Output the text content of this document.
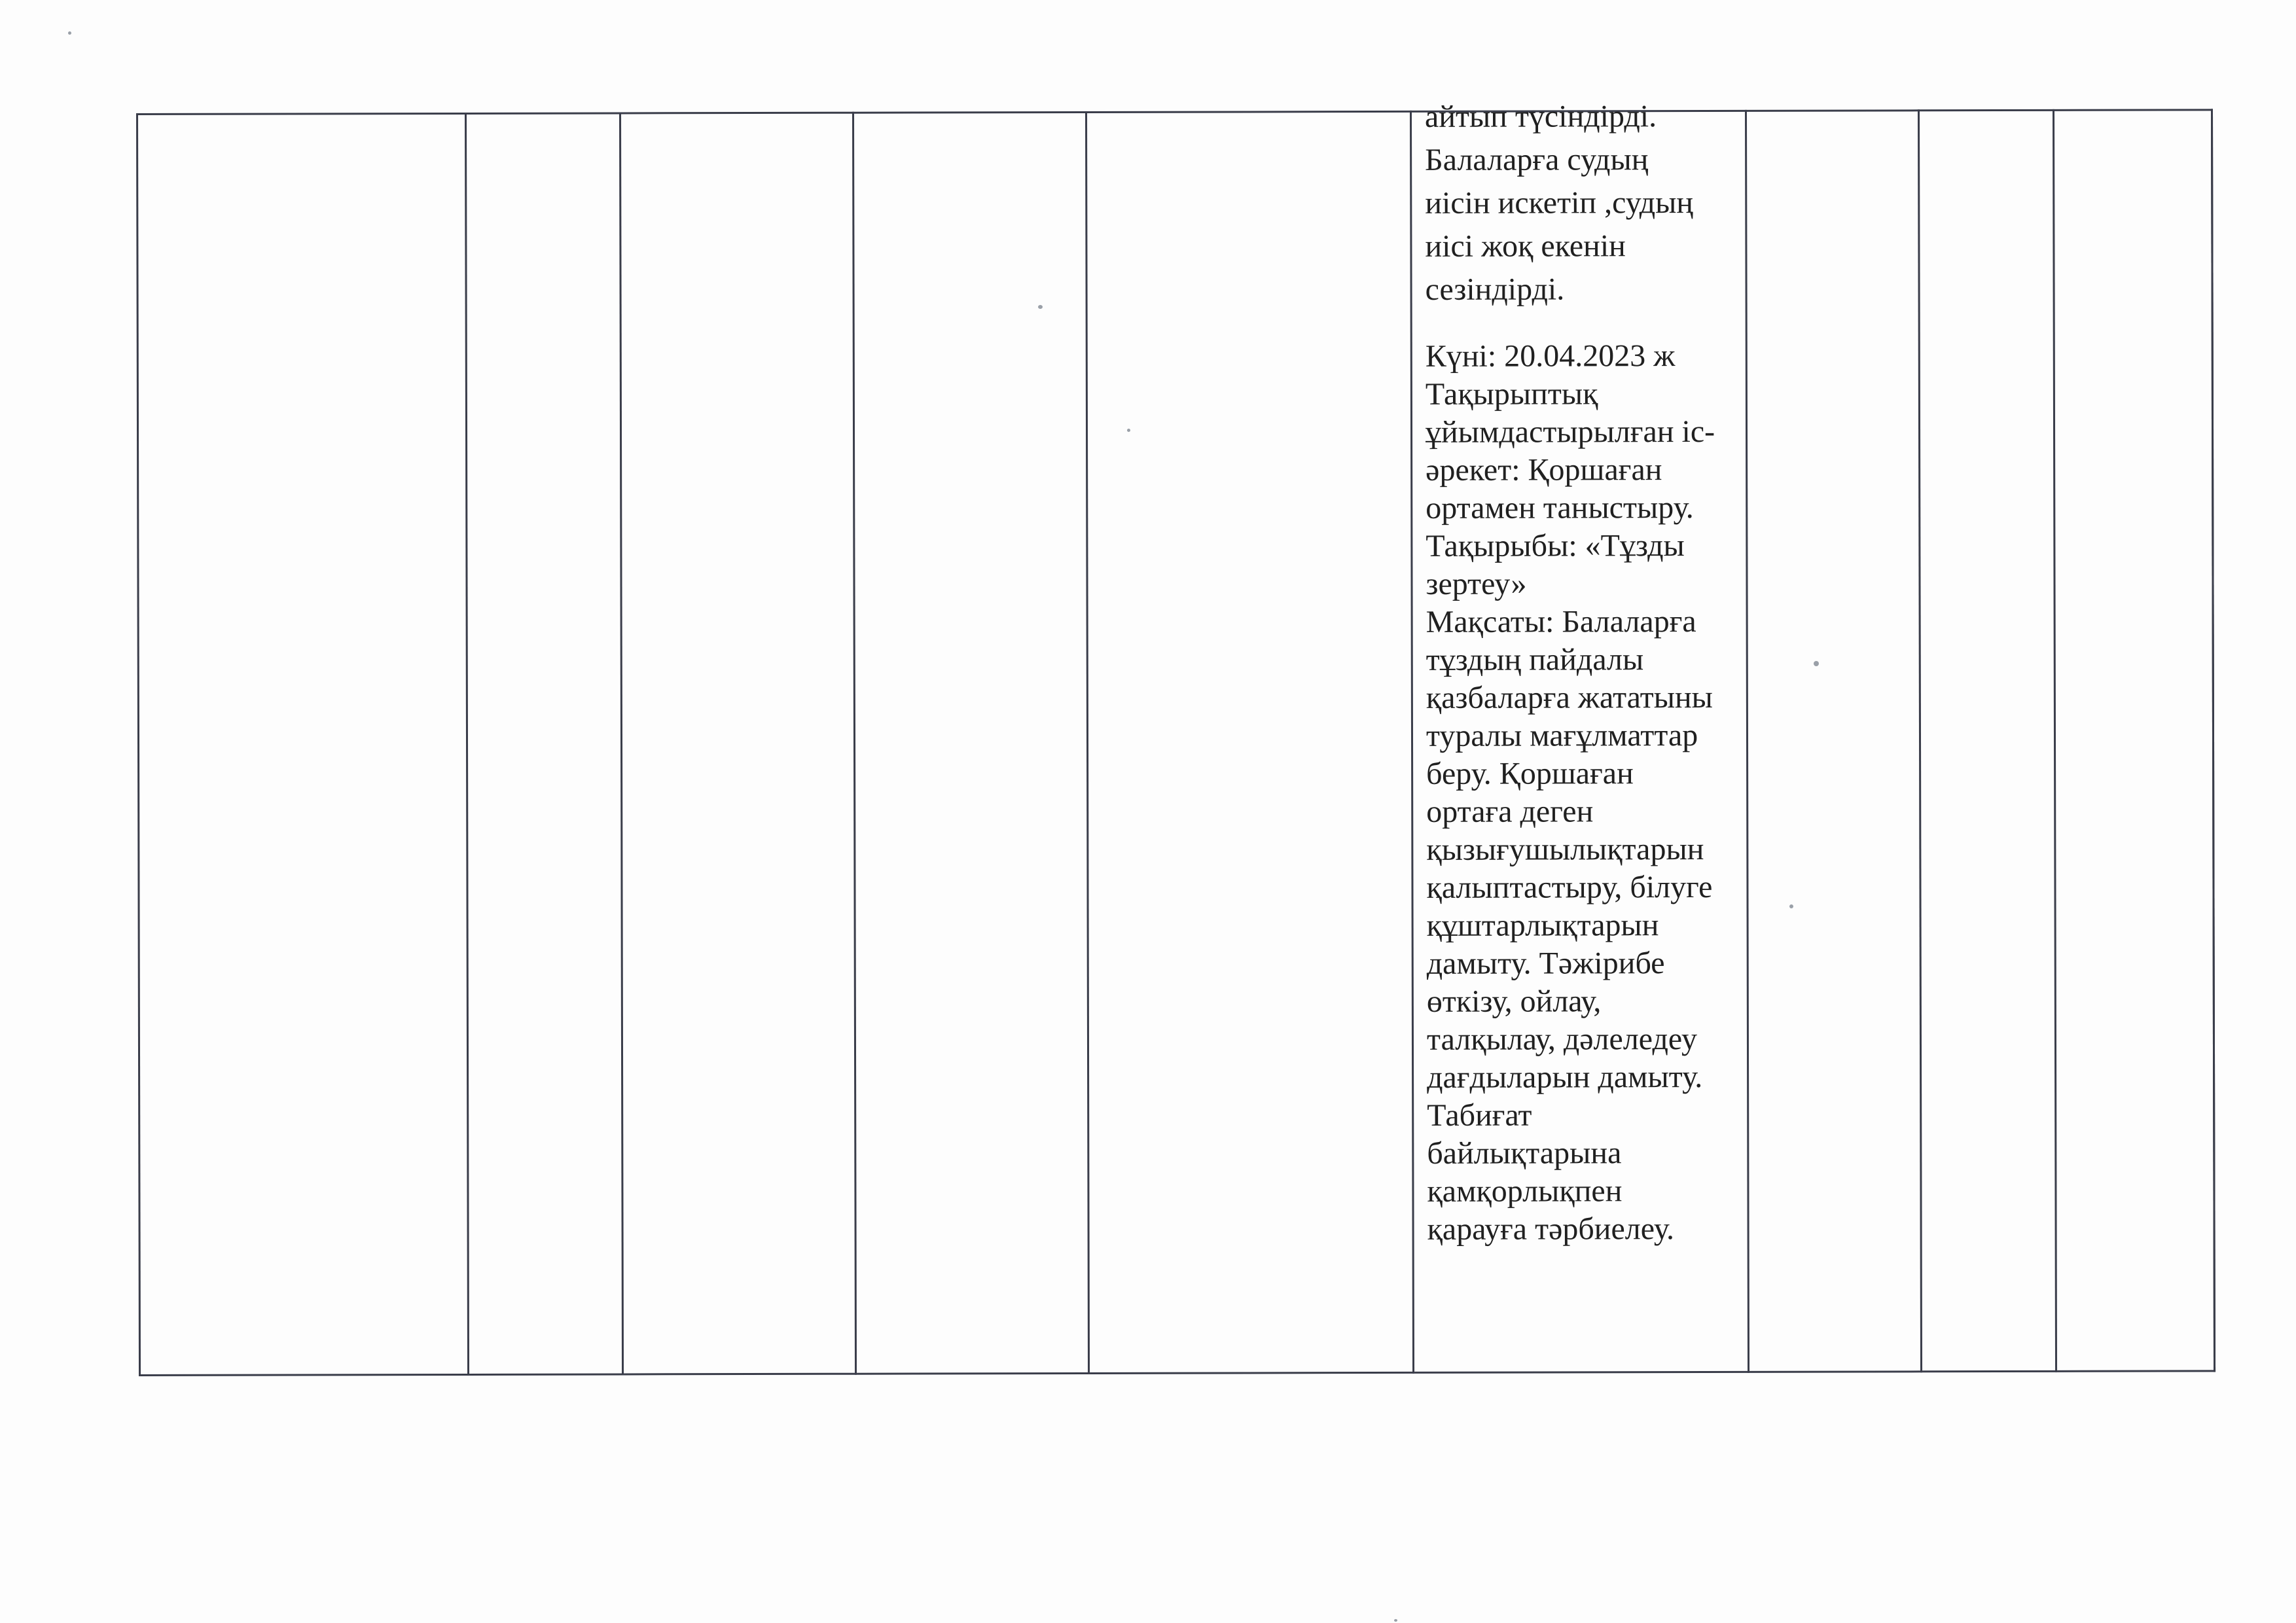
айтып түсіндірді.
Балаларға судың
иісін искетіп ,судың
иісі жоқ екенін
сезіндірді.
Күні: 20.04.2023 ж
Тақырыптық
ұйымдастырылған іс-
әрекет: Қоршаған
ортамен таныстыру.
Тақырыбы: «Тұзды
зертеу»
Мақсаты: Балаларға
тұздың пайдалы
қазбаларға жататыны
туралы мағұлматтар
беру. Қоршаған
ортаға деген
қызығушылықтарын
қалыптастыру, білуге
құштарлықтарын
дамыту. Тәжірибе
өткізу, ойлау,
талқылау, дәлеледеу
дағдыларын дамыту.
Табиғат
байлықтарына
қамқорлықпен
қарауға тәрбиелеу.
